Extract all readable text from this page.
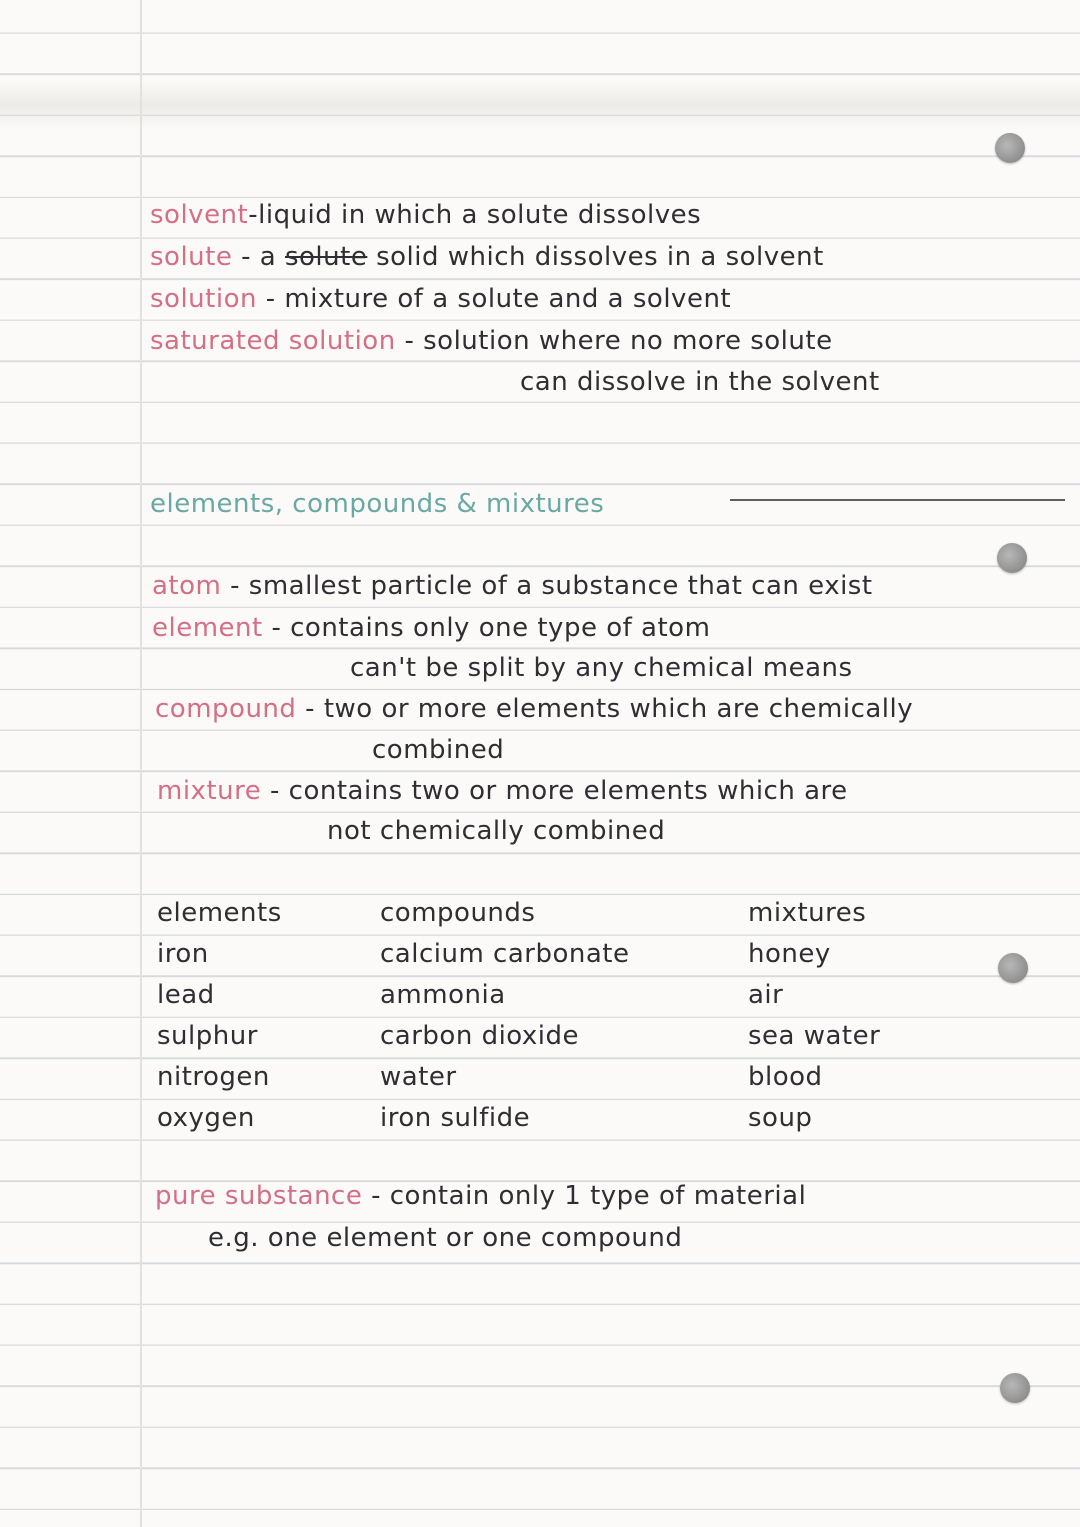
solvent-liquid in which a solute dissolves
solute - a solute solid which dissolves in a solvent
solution - mixture of a solute and a solvent
saturated solution - solution where no more solute
can dissolve in the solvent
elements, compounds & mixtures
atom - smallest particle of a substance that can exist
element - contains only one type of atom
can't be split by any chemical means
compound - two or more elements which are chemically
combined
mixture - contains two or more elements which are
not chemically combined
elements
iron
lead
sulphur
nitrogen
oxygen
compounds
calcium carbonate
ammonia
carbon dioxide
water
iron sulfide
mixtures
honey
air
sea water
blood
soup
pure substance - contain only 1 type of material
e.g. one element or one compound
